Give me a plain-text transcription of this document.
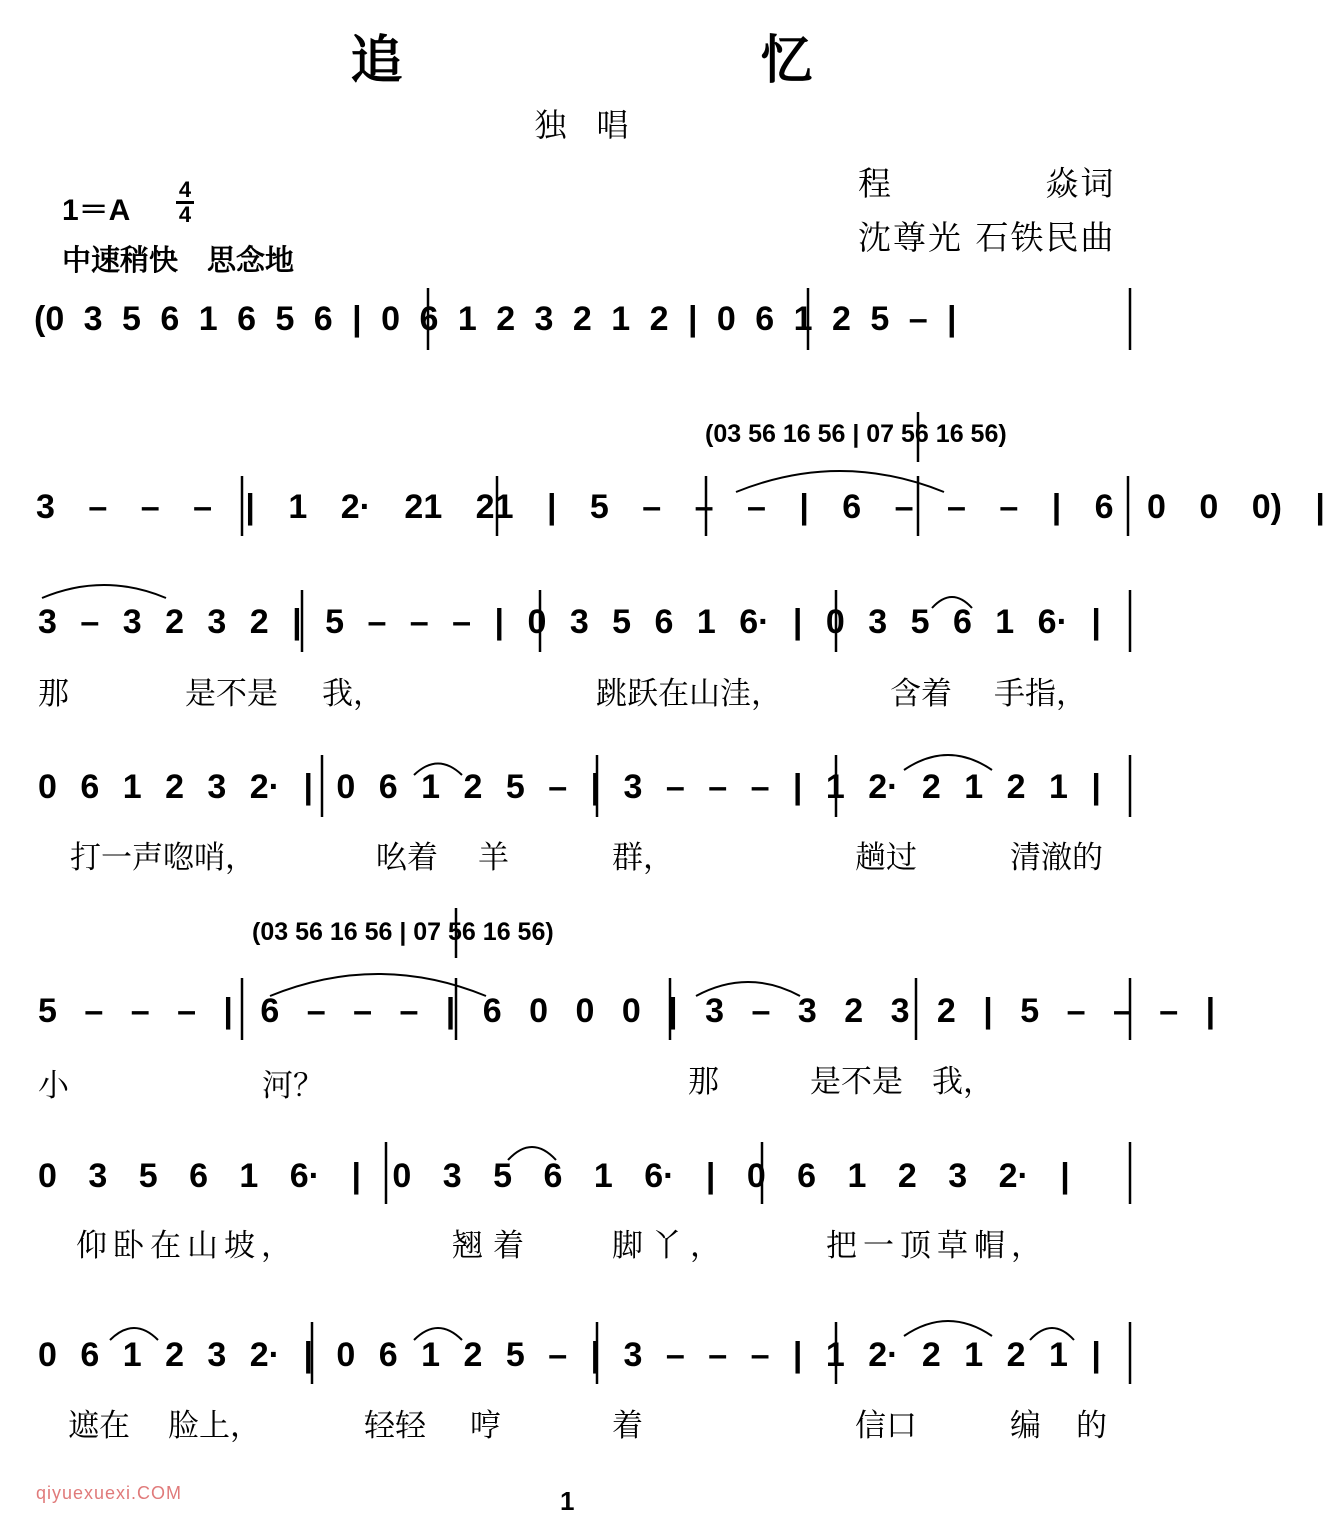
追 忆
独唱
程 焱词
沈尊光 石铁民曲
1＝A
4
4
中速稍快　思念地
(0 3 5 6 1 6 5 6 | 0 6 1 2 3 2 1 2 | 0 6 1 2 5 – |
(03 56 16 56 | 07 56 16 56)
3 – – – | 1 2· 21 21 | 5 – – – | 6 – – – | 6 0 0 0) |
3 – 3 2 3 2 | 5 – – – | 0 3 5 6 1 6· | 0 3 5 6 1 6· |
那	是不是 我，	跳跃在山洼，	含着 手指，
0 6 1 2 3 2· | 0 6 1 2 5 – | 3 – – – | 1 2· 2 1 2 1 |
打一声唿哨，	吆着 羊	群，	趟过	清澈的
(03 56 16 56 | 07 56 16 56)
5 – – – | 6 – – – | 6 0 0 0 | 3 – 3 2 3 2 | 5 – – – |
小	河？	那	是不是 我，
0 3 5 6 1 6· | 0 3 5 6 1 6· | 0 6 1 2 3 2· |
仰卧在山坡，	翘着	脚丫，	把一顶草帽，
0 6 1 2 3 2· | 0 6 1 2 5 – | 3 – – – | 1 2· 2 1 2 1 |
遮在 脸上，	轻轻 哼	着	信口	编 的
qiyuexuexi.COM	1
